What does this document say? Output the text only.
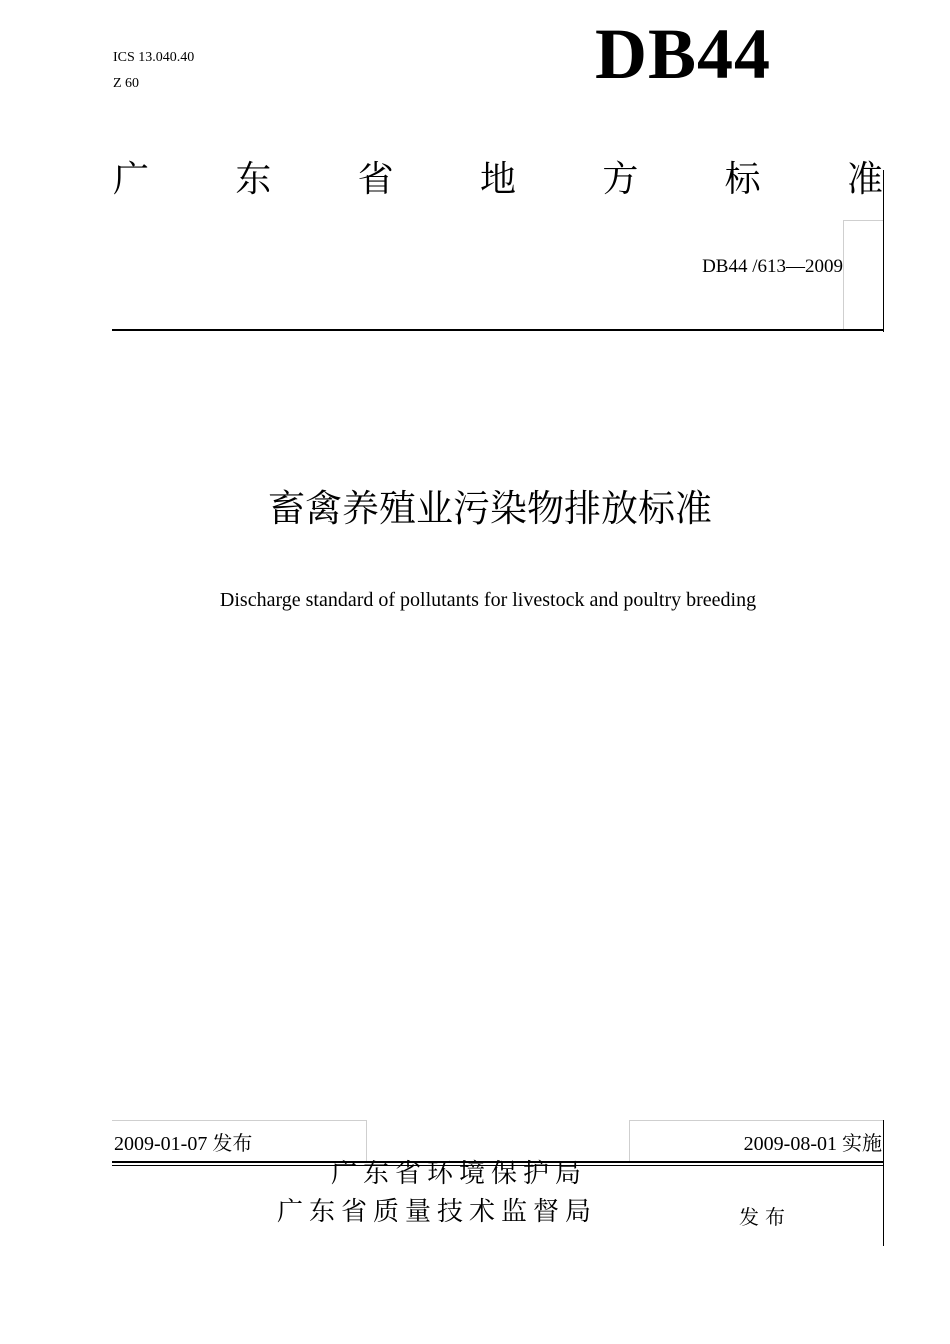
ICS 13.040.40
Z 60	DB44
广 东 省 地 方 标 准
DB44 /613—2009
畜禽养殖业污染物排放标准
Discharge standard of pollutants for livestock and poultry breeding
2009-01-07 发布	2009-08-01 实施
广东省环境保护局
广东省质量技术监督局	发布
